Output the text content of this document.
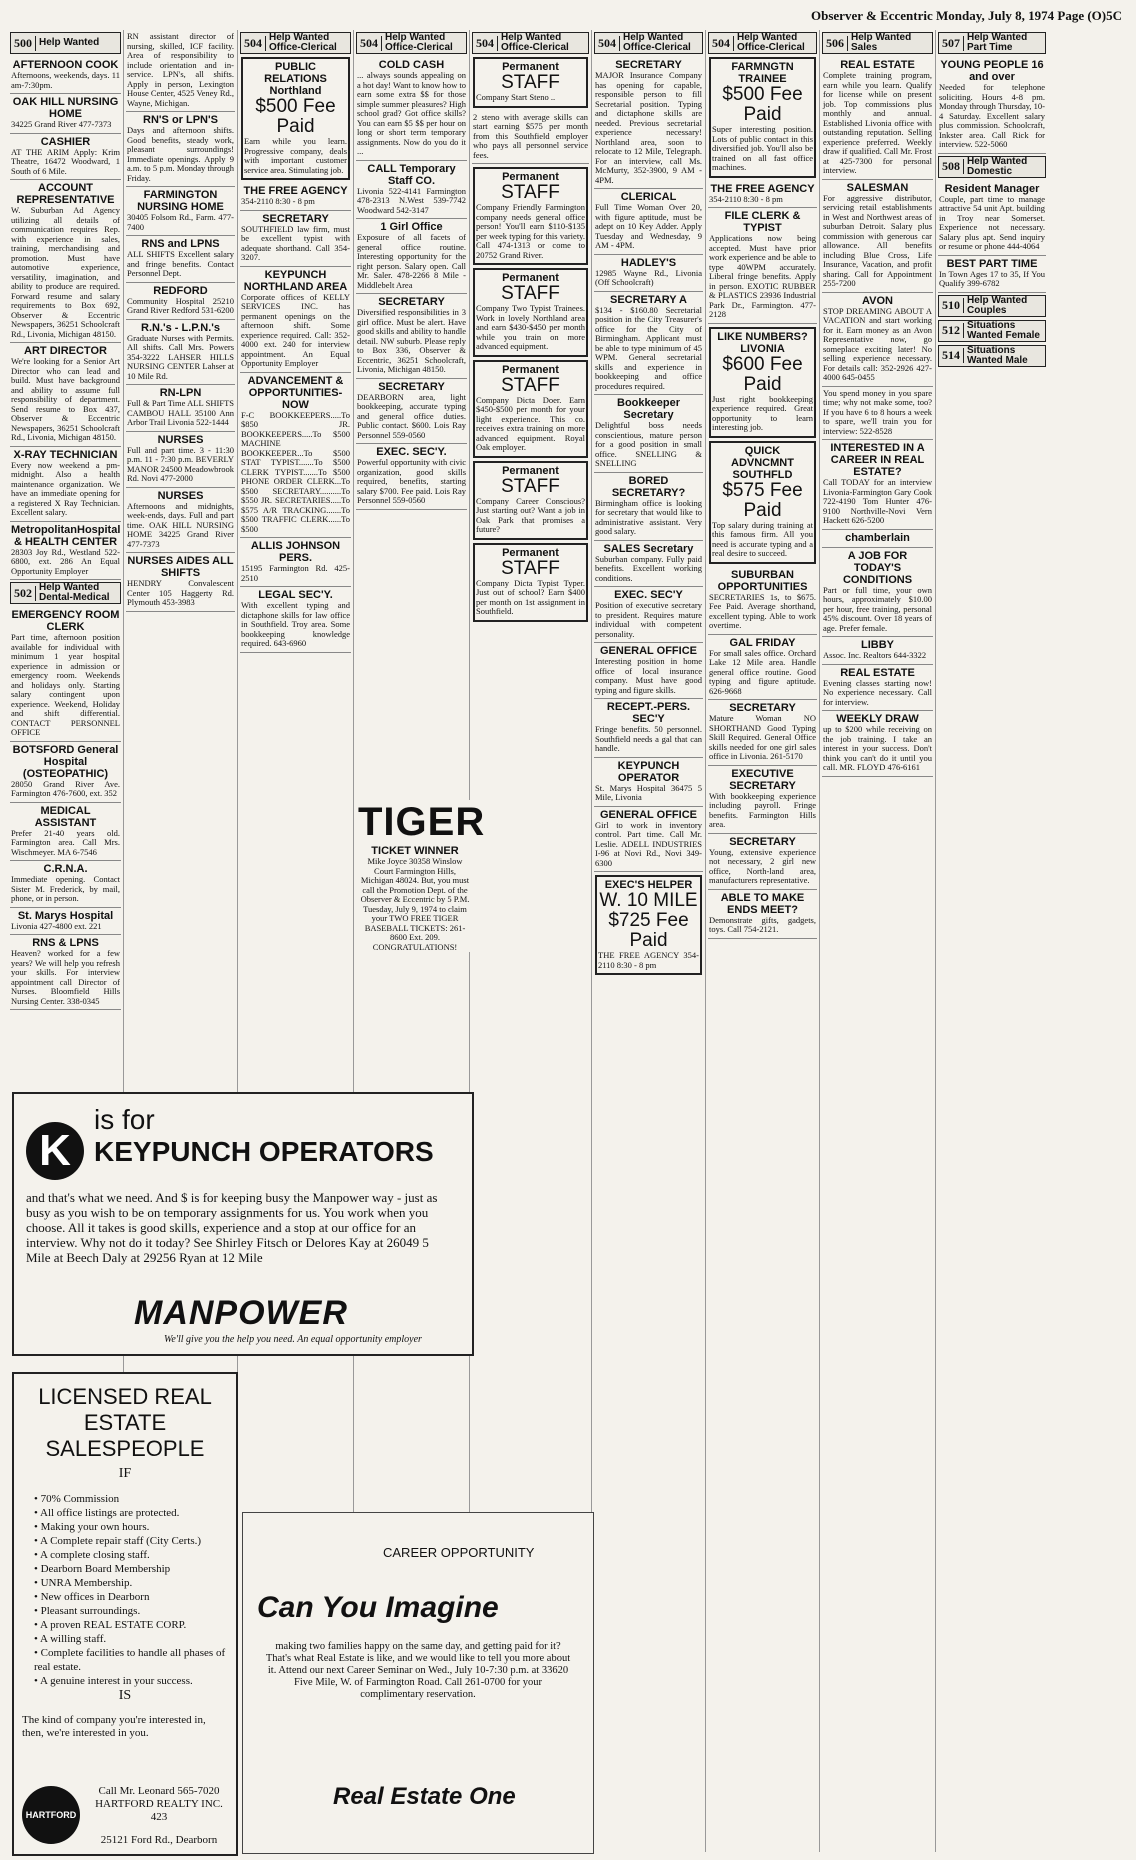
Observer & Eccentric Monday, July 8, 1974 Page (O)5C
500 Help Wanted
AFTERNOON COOK
Afternoons, weekends, days. 11 am-7:30pm.
OAK HILL NURSING HOME
34225 Grand River 477-7373
CASHIER
AT THE ARIM Apply: Krim Theatre, 16472 Woodward, 1 South of 6 Mile.
ACCOUNT REPRESENTATIVE
W. Suburban Ad Agency utilizing all details of communication requires Rep. with experience in sales, training, merchandising and promotion. Must have automotive experience, versatility, imagination, and ability to produce are required. Forward resume and salary requirements to Box 692, Observer & Eccentric Newspapers, 36251 Schoolcraft Rd., Livonia, Michigan 48150.
ART DIRECTOR
We're looking for a Senior Art Director who can lead and build. Must have background and ability to assume full responsibility of department. Send resume to Box 437, Observer & Eccentric Newspapers, 36251 Schoolcraft Rd., Livonia, Michigan 48150.
X-RAY TECHNICIAN
Every now weekend a pm-midnight. Also a health maintenance organization. We have an immediate opening for a registered X Ray Technician. Excellent salary.
MetropolitanHospital & HEALTH CENTER
28303 Joy Rd., Westland 522-6800, ext. 286 An Equal Opportunity Employer
502 Help Wanted Dental-Medical
EMERGENCY ROOM CLERK
Part time, afternoon position available for individual with minimum 1 year hospital experience in admission or emergency room. Weekends and holidays only. Starting salary contingent upon experience. Weekend, Holiday and shift differential. CONTACT PERSONNEL OFFICE
BOTSFORD General Hospital (OSTEOPATHIC)
28050 Grand River Ave. Farmington 476-7600, ext. 352
MEDICAL ASSISTANT
Prefer 21-40 years old. Farmington area. Call Mrs. Wischmeyer. MA 6-7546
C.R.N.A.
Immediate opening. Contact Sister M. Frederick, by mail, phone, or in person.
St. Marys Hospital
Livonia 427-4800 ext. 221
RNS & LPNS
Heaven? worked for a few years? We will help you refresh your skills. For interview appointment call Director of Nurses. Bloomfield Hills Nursing Center. 338-0345
RN assistant director of nursing, skilled, ICF facility. Area of responsibility to include orientation and in-service. LPN's, all shifts. Apply in person, Lexington House Center, 4525 Veney Rd., Wayne, Michigan.
RN'S or LPN'S
Days and afternoon shifts. Good benefits, steady work, pleasant surroundings! Immediate openings. Apply 9 a.m. to 5 p.m. Monday through Friday.
FARMINGTON NURSING HOME
30405 Folsom Rd., Farm. 477-7400
RNS and LPNS
ALL SHIFTS Excellent salary and fringe benefits. Contact Personnel Dept.
REDFORD
Community Hospital 25210 Grand River Redford 531-6200
R.N.'s - L.P.N.'s
Graduate Nurses with Permits. All shifts. Call Mrs. Powers 354-3222 LAHSER HILLS NURSING CENTER Lahser at 10 Mile Rd.
RN-LPN
Full & Part Time ALL SHIFTS CAMBOU HALL 35100 Ann Arbor Trail Livonia 522-1444
NURSES
Full and part time. 3 - 11:30 p.m. 11 - 7:30 p.m. BEVERLY MANOR 24500 Meadowbrook Rd. Novi 477-2000
NURSES
Afternoons and midnights, week-ends, days. Full and part time. OAK HILL NURSING HOME 34225 Grand River 477-7373
NURSES AIDES ALL SHIFTS
HENDRY Convalescent Center 105 Haggerty Rd. Plymouth 453-3983
504 Help Wanted Office-Clerical
PUBLIC RELATIONS Northland
$500 Fee Paid
Earn while you learn. Progressive company, deals with important customer service area. Stimulating job.
THE FREE AGENCY
354-2110 8:30 - 8 pm
SECRETARY
SOUTHFIELD law firm, must be excellent typist with adequate shorthand. Call 354-3207.
KEYPUNCH NORTHLAND AREA
Corporate offices of KELLY SERVICES INC. has permanent openings on the afternoon shift. Some experience required. Call: 352-4000 ext. 240 for interview appointment. An Equal Opportunity Employer
ADVANCEMENT & OPPORTUNITIES-NOW
F-C BOOKKEEPERS.....To $850 JR. BOOKKEEPERS.....To $500 MACHINE BOOKKEEPER...To $500 STAT TYPIST.......To $500 CLERK TYPIST.......To $500 PHONE ORDER CLERK...To $500 SECRETARY..........To $550 JR. SECRETARIES.....To $575 A/R TRACKING.......To $500 TRAFFIC CLERK......To $500
ALLIS JOHNSON PERS.
15195 Farmington Rd. 425-2510
LEGAL SEC'Y.
With excellent typing and dictaphone skills for law office in Southfield. Troy area. Some bookkeeping knowledge required. 643-6960
504 Help Wanted Office-Clerical
COLD CASH
... always sounds appealing on a hot day! Want to know how to earn some extra $$ for those simple summer pleasures? High school grad? Got office skills? You can earn $5 $$ per hour on long or short term temporary assignments. Now do you do it ...
CALL Temporary Staff CO.
Livonia 522-4141 Farmington 478-2313 N.West 539-7742 Woodward 542-3147
1 Girl Office
Exposure of all facets of general office routine. Interesting opportunity for the right person. Salary open. Call Mr. Saler. 478-2266 8 Mile - Middlebelt Area
SECRETARY
Diversified responsibilities in 3 girl office. Must be alert. Have good skills and ability to handle detail. NW suburb. Please reply to Box 336, Observer & Eccentric, 36251 Schoolcraft, Livonia, Michigan 48150.
SECRETARY
DEARBORN area, light bookkeeping, accurate typing and general office duties. Public contact. $600. Lois Ray Personnel 559-0560
EXEC. SEC'Y.
Powerful opportunity with civic organization, good skills required, benefits, starting salary $700. Fee paid. Lois Ray Personnel 559-0560
504 Help Wanted Office-Clerical
Permanent
STAFF
Company Start Steno ..
2 steno with average skills can start earning $575 per month from this Southfield employer who pays all personnel service fees.
Permanent
STAFF
Company Friendly Farmington company needs general office person! You'll earn $110-$135 per week typing for this variety. Call 474-1313 or come to 20752 Grand River.
Permanent
STAFF
Company Two Typist Trainees. Work in lovely Northland area and earn $430-$450 per month while you train on more advanced equipment.
Permanent
STAFF
Company Dicta Doer. Earn $450-$500 per month for your light experience. This co. receives extra training on more advanced equipment. Royal Oak employer.
Permanent
STAFF
Company Career Conscious? Just starting out? Want a job in Oak Park that promises a future?
Permanent
STAFF
Company Dicta Typist Typer. Just out of school? Earn $400 per month on 1st assignment in Southfield.
504 Help Wanted Office-Clerical
SECRETARY
MAJOR Insurance Company has opening for capable, responsible person to fill Secretarial position. Typing and dictaphone skills are needed. Previous secretarial experience necessary! Northland area, soon to relocate to 12 Mile, Telegraph. For an interview, call Ms. McMurty, 352-3900, 9 AM - 4PM.
CLERICAL
Full Time Woman Over 20, with figure aptitude, must be adept on 10 Key Adder. Apply Tuesday and Wednesday, 9 AM - 4PM.
HADLEY'S
12985 Wayne Rd., Livonia (Off Schoolcraft)
SECRETARY A
$134 - $160.80 Secretarial position in the City Treasurer's office for the City of Birmingham. Applicant must be able to type minimum of 45 WPM. General secretarial skills and experience in bookkeeping and office procedures required.
Bookkeeper Secretary
Delightful boss needs conscientious, mature person for a good position in small office. SNELLING & SNELLING
BORED SECRETARY?
Birmingham office is looking for secretary that would like to administrative assistant. Very good salary.
SALES Secretary
Suburban company. Fully paid benefits. Excellent working conditions.
EXEC. SEC'Y
Position of executive secretary to president. Requires mature individual with competent personality.
GENERAL OFFICE
Interesting position in home office of local insurance company. Must have good typing and figure skills.
RECEPT.-PERS. SEC'Y
Fringe benefits. 50 personnel. Southfield needs a gal that can handle.
KEYPUNCH OPERATOR
St. Marys Hospital 36475 5 Mile, Livonia
GENERAL OFFICE
Girl to work in inventory control. Part time. Call Mr. Leslie. ADELL INDUSTRIES I-96 at Novi Rd., Novi 349-6300
EXEC'S HELPER
W. 10 MILE $725 Fee Paid
THE FREE AGENCY 354-2110 8:30 - 8 pm
504 Help Wanted Office-Clerical
FARMNGTN TRAINEE
$500 Fee Paid
Super interesting position. Lots of public contact in this diversified job. You'll also be trained on all fast office machines.
THE FREE AGENCY
354-2110 8:30 - 8 pm
FILE CLERK & TYPIST
Applications now being accepted. Must have prior work experience and be able to type 40WPM accurately. Liberal fringe benefits. Apply in person. EXOTIC RUBBER & PLASTICS 23936 Industrial Park Dr., Farmington. 477-2128
LIKE NUMBERS? LIVONIA
$600 Fee Paid
Just right bookkeeping experience required. Great opportunity to learn interesting job.
QUICK ADVNCMNT SOUTHFLD
$575 Fee Paid
Top salary during training at this famous firm. All you need is accurate typing and a real desire to succeed.
SUBURBAN OPPORTUNITIES
SECRETARIES 1s, to $675. Fee Paid. Average shorthand, excellent typing. Able to work overtime.
GAL FRIDAY
For small sales office. Orchard Lake 12 Mile area. Handle general office routine. Good typing and figure aptitude. 626-9668
SECRETARY
Mature Woman NO SHORTHAND Good Typing Skill Required. General Office skills needed for one girl sales office in Livonia. 261-5170
EXECUTIVE SECRETARY
With bookkeeping experience including payroll. Fringe benefits. Farmington Hills area.
SECRETARY
Young, extensive experience not necessary, 2 girl new office, North-land area, manufacturers representative.
ABLE TO MAKE ENDS MEET?
Demonstrate gifts, gadgets, toys. Call 754-2121.
506 Help Wanted Sales
REAL ESTATE
Complete training program, earn while you learn. Qualify for license while on present job. Top commissions plus monthly and annual. Established Livonia office with outstanding reputation. Selling experience preferred. Weekly draw if qualified. Call Mr. Frost at 425-7300 for personal interview.
SALESMAN
For aggressive distributor, servicing retail establishments in West and Northwest areas of suburban Detroit. Salary plus commission with generous car allowance. All benefits including Blue Cross, Life Insurance, Vacation, and profit sharing. Call for Appointment 255-7200
AVON
STOP DREAMING ABOUT A VACATION and start working for it. Earn money as an Avon Representative now, go someplace exciting later! No selling experience necessary. For details call: 352-2926 427-4000 645-0455
You spend money in you spare time; why not make some, too? If you have 6 to 8 hours a week to spare, we'll train you for interview: 522-8528
INTERESTED IN A CAREER IN REAL ESTATE?
Call TODAY for an interview Livonia-Farmington Gary Cook 722-4190 Tom Hunter 476-9100 Northville-Novi Vern Hackett 626-5200
chamberlain
A JOB FOR TODAY'S CONDITIONS
Part or full time, your own hours, approximately $10.00 per hour, free training, personal 45% discount. Over 18 years of age. Prefer female.
LIBBY
Assoc. Inc. Realtors 644-3322
REAL ESTATE
Evening classes starting now! No experience necessary. Call for interview.
WEEKLY DRAW
up to $200 while receiving on the job training. I take an interest in your success. Don't think you can't do it until you call. MR. FLOYD 476-6161
507 Help Wanted Part Time
YOUNG PEOPLE 16 and over
Needed for telephone soliciting. Hours 4-8 pm. Monday through Thursday, 10-4 Saturday. Excellent salary plus commission. Schoolcraft, Inkster area. Call Rick for interview. 522-5060
508 Help Wanted Domestic
Resident Manager
Couple, part time to manage attractive 54 unit Apt. building in Troy near Somerset. Experience not necessary. Salary plus apt. Send inquiry or resume or phone 444-4064
BEST PART TIME
In Town Ages 17 to 35, If You Qualify 399-6782
510 Help Wanted Couples
512 Situations Wanted Female
514 Situations Wanted Male
K
is for
KEYPUNCH OPERATORS
and that's what we need. And $ is for keeping busy the Manpower way - just as busy as you wish to be on temporary assignments for us. You work when you choose. All it takes is good skills, experience and a stop at our office for an interview. Why not do it today? See Shirley Fitsch or Delores Kay at 26049 5 Mile at Beech Daly at 29256 Ryan at 12 Mile
MANPOWER
We'll give you the help you need. An equal opportunity employer
TIGER
TICKET WINNER
Mike Joyce 30358 Winslow Court Farmington Hills, Michigan 48024. But, you must call the Promotion Dept. of the Observer & Eccentric by 5 P.M. Tuesday, July 9, 1974 to claim your TWO FREE TIGER BASEBALL TICKETS: 261-8600 Ext. 209. CONGRATULATIONS!
LICENSED REAL ESTATE SALESPEOPLE
IF
• 70% Commission
• All office listings are protected.
• Making your own hours.
• A Complete repair staff (City Certs.)
• A complete closing staff.
• Dearborn Board Membership
• UNRA Membership.
• New offices in Dearborn
• Pleasant surroundings.
• A proven REAL ESTATE CORP.
• A willing staff.
• Complete facilities to handle all phases of real estate.
• A genuine interest in your success.
IS
The kind of company you're interested in, then, we're interested in you.
HARTFORD
Call Mr. Leonard 565-7020 HARTFORD REALTY INC. 423
25121 Ford Rd., Dearborn
CAREER OPPORTUNITY
Can You Imagine
making two families happy on the same day, and getting paid for it? That's what Real Estate is like, and we would like to tell you more about it. Attend our next Career Seminar on Wed., July 10-7:30 p.m. at 33620 Five Mile, W. of Farmington Road. Call 261-0700 for your complimentary reservation.
Real Estate One
